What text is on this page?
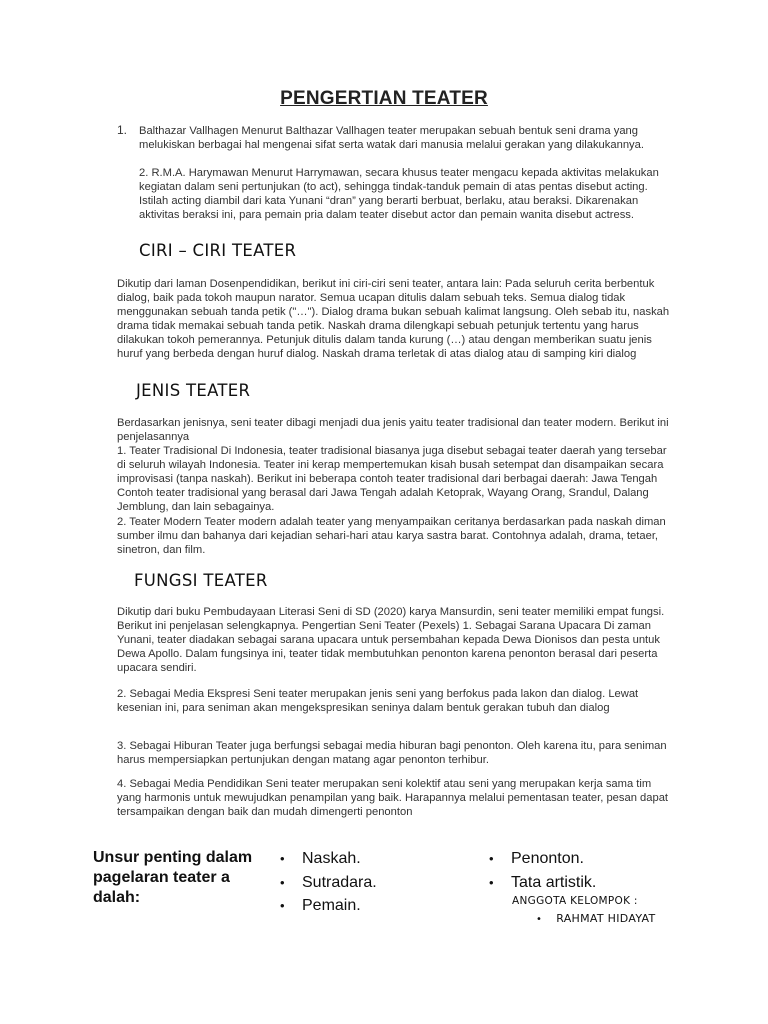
PENGERTIAN TEATER
1. Balthazar Vallhagen Menurut Balthazar Vallhagen teater merupakan sebuah bentuk seni drama yang melukiskan berbagai hal mengenai sifat serta watak dari manusia melalui gerakan yang dilakukannya.

2. R.M.A. Harymawan Menurut Harrymawan, secara khusus teater mengacu kepada aktivitas melakukan kegiatan dalam seni pertunjukan (to act), sehingga tindak-tanduk pemain di atas pentas disebut acting. Istilah acting diambil dari kata Yunani “dran” yang berarti berbuat, berlaku, atau beraksi. Dikarenakan aktivitas beraksi ini, para pemain pria dalam teater disebut actor dan pemain wanita disebut actress.

CIRI – CIRI TEATER

Dikutip dari laman Dosenpendidikan, berikut ini ciri-ciri seni teater, antara lain: Pada seluruh cerita berbentuk dialog, baik pada tokoh maupun narator. Semua ucapan ditulis dalam sebuah teks. Semua dialog tidak menggunakan sebuah tanda petik ("…"). Dialog drama bukan sebuah kalimat langsung. Oleh sebab itu, naskah drama tidak memakai sebuah tanda petik. Naskah drama dilengkapi sebuah petunjuk tertentu yang harus dilakukan tokoh pemerannya. Petunjuk ditulis dalam tanda kurung (…) atau dengan memberikan suatu jenis huruf yang berbeda dengan huruf dialog. Naskah drama terletak di atas dialog atau di samping kiri dialog

JENIS TEATER

Berdasarkan jenisnya, seni teater dibagi menjadi dua jenis yaitu teater tradisional dan teater modern. Berikut ini penjelasannya

1. Teater Tradisional Di Indonesia, teater tradisional biasanya juga disebut sebagai teater daerah yang tersebar di seluruh wilayah Indonesia. Teater ini kerap mempertemukan kisah busah setempat dan disampaikan secara improvisasi (tanpa naskah). Berikut ini beberapa contoh teater tradisional dari berbagai daerah: Jawa Tengah Contoh teater tradisional yang berasal dari Jawa Tengah adalah Ketoprak, Wayang Orang, Srandul, Dalang Jemblung, dan lain sebagainya.

2. Teater Modern Teater modern adalah teater yang menyampaikan ceritanya berdasarkan pada naskah diman sumber ilmu dan bahanya dari kejadian sehari-hari atau karya sastra barat. Contohnya adalah, drama, tetaer, sinetron, dan film.

FUNGSI TEATER

Dikutip dari buku Pembudayaan Literasi Seni di SD (2020) karya Mansurdin, seni teater memiliki empat fungsi. Berikut ini penjelasan selengkapnya. Pengertian Seni Teater (Pexels) 1. Sebagai Sarana Upacara Di zaman Yunani, teater diadakan sebagai sarana upacara untuk persembahan kepada Dewa Dionisos dan pesta untuk Dewa Apollo. Dalam fungsinya ini, teater tidak membutuhkan penonton karena penonton berasal dari peserta upacara sendiri.

2. Sebagai Media Ekspresi Seni teater merupakan jenis seni yang berfokus pada lakon dan dialog. Lewat kesenian ini, para seniman akan mengekspresikan seninya dalam bentuk gerakan tubuh dan dialog

3. Sebagai Hiburan Teater juga berfungsi sebagai media hiburan bagi penonton. Oleh karena itu, para seniman harus mempersiapkan pertunjukan dengan matang agar penonton terhibur.

4. Sebagai Media Pendidikan Seni teater merupakan seni kolektif atau seni yang merupakan kerja sama tim yang harmonis untuk mewujudkan penampilan yang baik. Harapannya melalui pementasan teater, pesan dapat tersampaikan dengan baik dan mudah dimengerti penonton

Unsur penting dalam pagelaran teater a dalah:
• Naskah.
• Sutradara.
• Pemain.
• Penonton.
• Tata artistik.
ANGGOTA KELOMPOK :
• RAHMAT HIDAYAT
